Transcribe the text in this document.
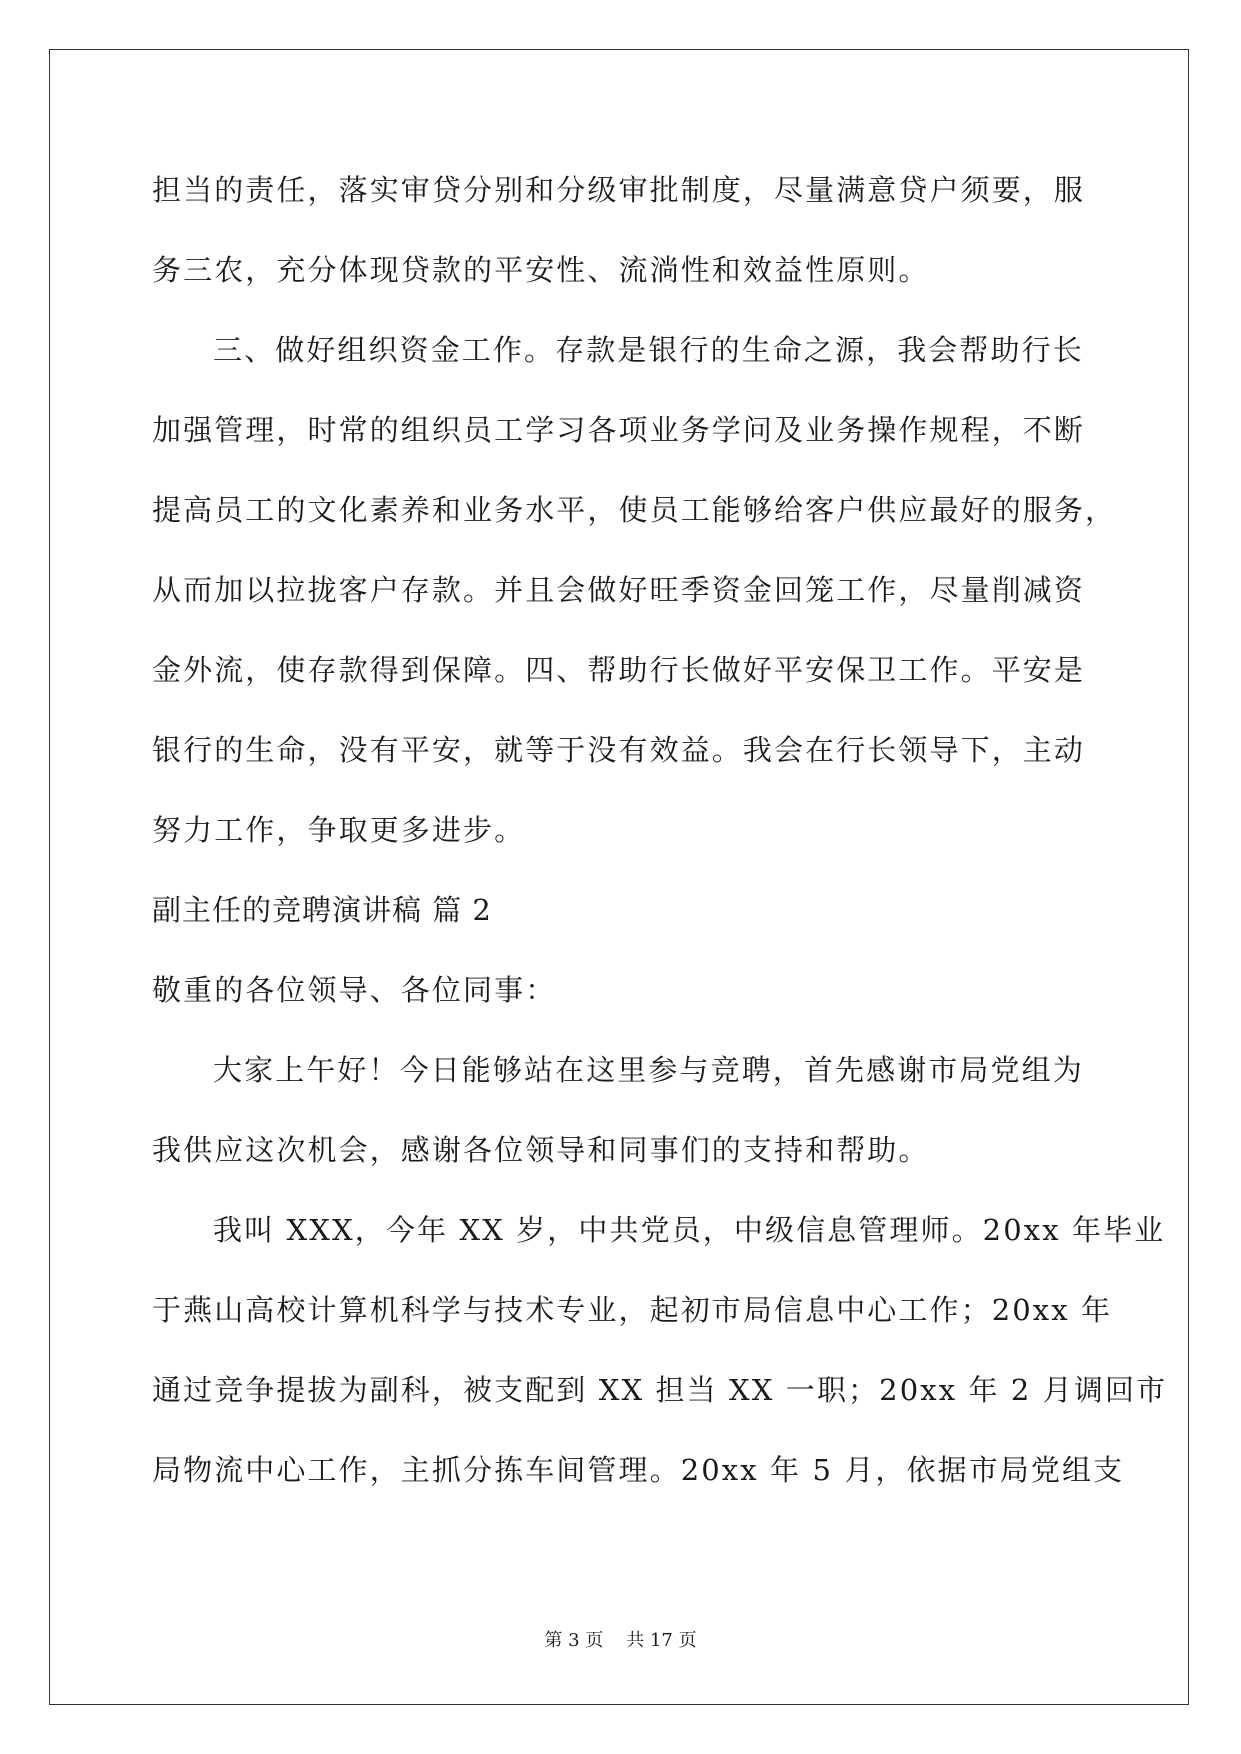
担当的责任，落实审贷分别和分级审批制度，尽量满意贷户须要，服

务三农，充分体现贷款的平安性、流淌性和效益性原则。

三、做好组织资金工作。存款是银行的生命之源，我会帮助行长

加强管理，时常的组织员工学习各项业务学问及业务操作规程，不断

提高员工的文化素养和业务水平，使员工能够给客户供应最好的服务，

从而加以拉拢客户存款。并且会做好旺季资金回笼工作，尽量削减资

金外流，使存款得到保障。四、帮助行长做好平安保卫工作。平安是

银行的生命，没有平安，就等于没有效益。我会在行长领导下，主动

努力工作，争取更多进步。

副主任的竞聘演讲稿 篇 2

敬重的各位领导、各位同事：

大家上午好！今日能够站在这里参与竞聘，首先感谢市局党组为

我供应这次机会，感谢各位领导和同事们的支持和帮助。

我叫 XXX，今年 XX 岁，中共党员，中级信息管理师。20xx 年毕业

于燕山高校计算机科学与技术专业，起初市局信息中心工作；20xx 年

通过竞争提拔为副科，被支配到 XX 担当 XX 一职；20xx 年 2 月调回市

局物流中心工作，主抓分拣车间管理。20xx 年 5 月，依据市局党组支

第 3 页 共 17 页
